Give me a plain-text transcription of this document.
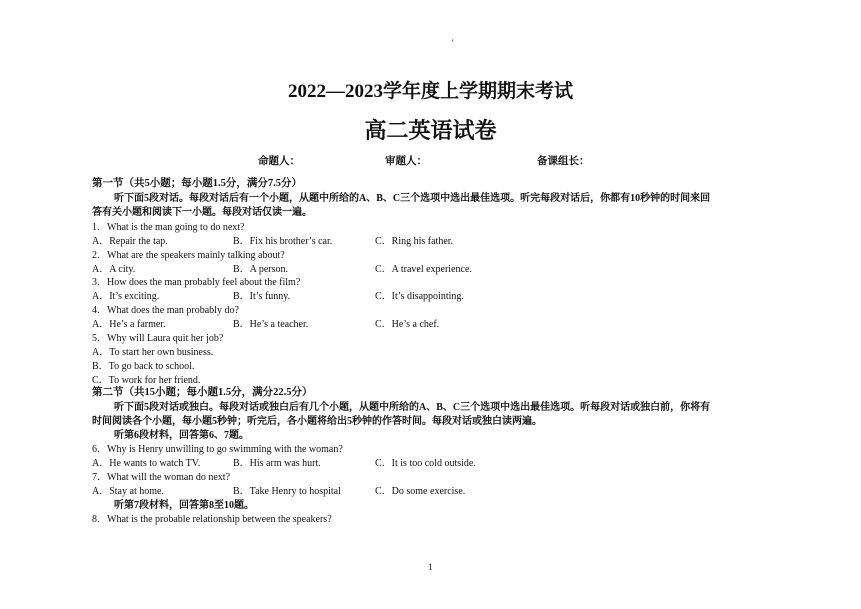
'
2022—2023学年度上学期期末考试
高二英语试卷
命题人：	审题人：	备课组长：
第一节（共5小题；每小题1.5分，满分7.5分）
听下面5段对话。每段对话后有一个小题，从题中所给的A、B、C三个选项中选出最佳选项。听完每段对话后，你都有10秒钟的时间来回
答有关小题和阅读下一小题。每段对话仅读一遍。
1．What is the man going to do next?
A．Repair the tap.	B．Fix his brother’s car.	C．Ring his father.
2．What are the speakers mainly talking about?
A．A city.	B．A person.	C．A travel experience.
3．How does the man probably feel about the film?
A．It’s exciting.	B．It’s funny.	C．It’s disappointing.
4．What does the man probably do?
A．He’s a farmer.	B．He’s a teacher.	C．He’s a chef.
5．Why will Laura quit her job?
A．To start her own business.
B．To go back to school.
C．To work for her friend.
第二节（共15小题；每小题1.5分，满分22.5分）
听下面5段对话或独白。每段对话或独白后有几个小题，从题中所给的A、B、C三个选项中选出最佳选项。听每段对话或独白前，你将有
时间阅读各个小题，每小题5秒钟；听完后，各小题将给出5秒钟的作答时间。每段对话或独白读两遍。
听第6段材料，回答第6、7题。
6．Why is Henry unwilling to go swimming with the woman?
A．He wants to watch TV.	B．His arm was hurt.	C．It is too cold outside.
7．What will the woman do next?
A．Stay at home.	B．Take Henry to hospital	C．Do some exercise.
听第7段材料，回答第8至10题。
8．What is the probable relationship between the speakers?
1
